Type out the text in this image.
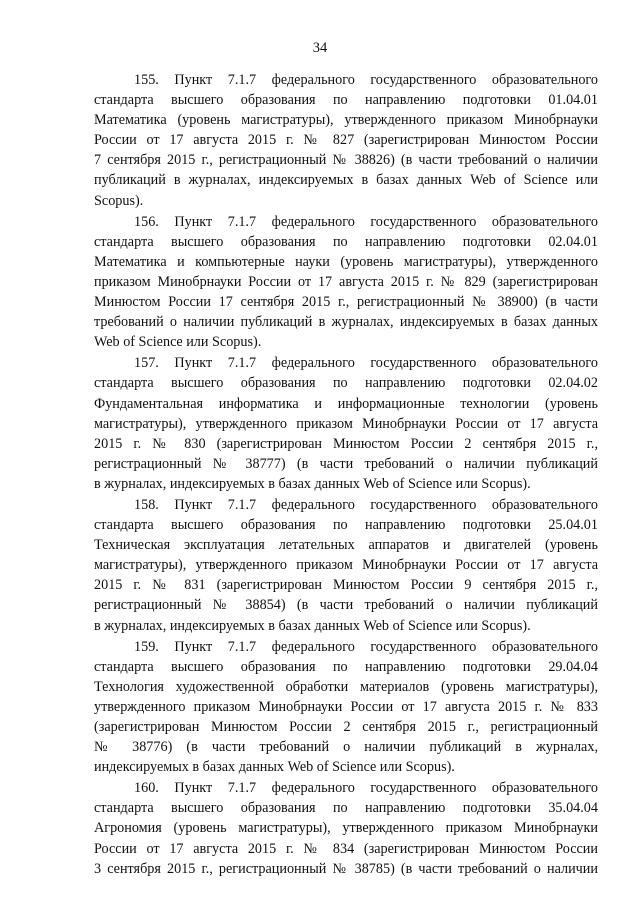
34
155. Пункт 7.1.7 федерального государственного образовательного
стандарта высшего образования по направлению подготовки 01.04.01
Математика (уровень магистратуры), утвержденного приказом Минобрнауки
России от 17 августа 2015 г. № 827 (зарегистрирован Минюстом России
7 сентября 2015 г., регистрационный № 38826) (в части требований о наличии
публикаций в журналах, индексируемых в базах данных Web of Science или
Scopus).
156. Пункт 7.1.7 федерального государственного образовательного
стандарта высшего образования по направлению подготовки 02.04.01
Математика и компьютерные науки (уровень магистратуры), утвержденного
приказом Минобрнауки России от 17 августа 2015 г. № 829 (зарегистрирован
Минюстом России 17 сентября 2015 г., регистрационный № 38900) (в части
требований о наличии публикаций в журналах, индексируемых в базах данных
Web of Science или Scopus).
157. Пункт 7.1.7 федерального государственного образовательного
стандарта высшего образования по направлению подготовки 02.04.02
Фундаментальная информатика и информационные технологии (уровень
магистратуры), утвержденного приказом Минобрнауки России от 17 августа
2015 г. № 830 (зарегистрирован Минюстом России 2 сентября 2015 г.,
регистрационный № 38777) (в части требований о наличии публикаций
в журналах, индексируемых в базах данных Web of Science или Scopus).
158. Пункт 7.1.7 федерального государственного образовательного
стандарта высшего образования по направлению подготовки 25.04.01
Техническая эксплуатация летательных аппаратов и двигателей (уровень
магистратуры), утвержденного приказом Минобрнауки России от 17 августа
2015 г. № 831 (зарегистрирован Минюстом России 9 сентября 2015 г.,
регистрационный № 38854) (в части требований о наличии публикаций
в журналах, индексируемых в базах данных Web of Science или Scopus).
159. Пункт 7.1.7 федерального государственного образовательного
стандарта высшего образования по направлению подготовки 29.04.04
Технология художественной обработки материалов (уровень магистратуры),
утвержденного приказом Минобрнауки России от 17 августа 2015 г. № 833
(зарегистрирован Минюстом России 2 сентября 2015 г., регистрационный
№ 38776) (в части требований о наличии публикаций в журналах,
индексируемых в базах данных Web of Science или Scopus).
160. Пункт 7.1.7 федерального государственного образовательного
стандарта высшего образования по направлению подготовки 35.04.04
Агрономия (уровень магистратуры), утвержденного приказом Минобрнауки
России от 17 августа 2015 г. № 834 (зарегистрирован Минюстом России
3 сентября 2015 г., регистрационный № 38785) (в части требований о наличии
